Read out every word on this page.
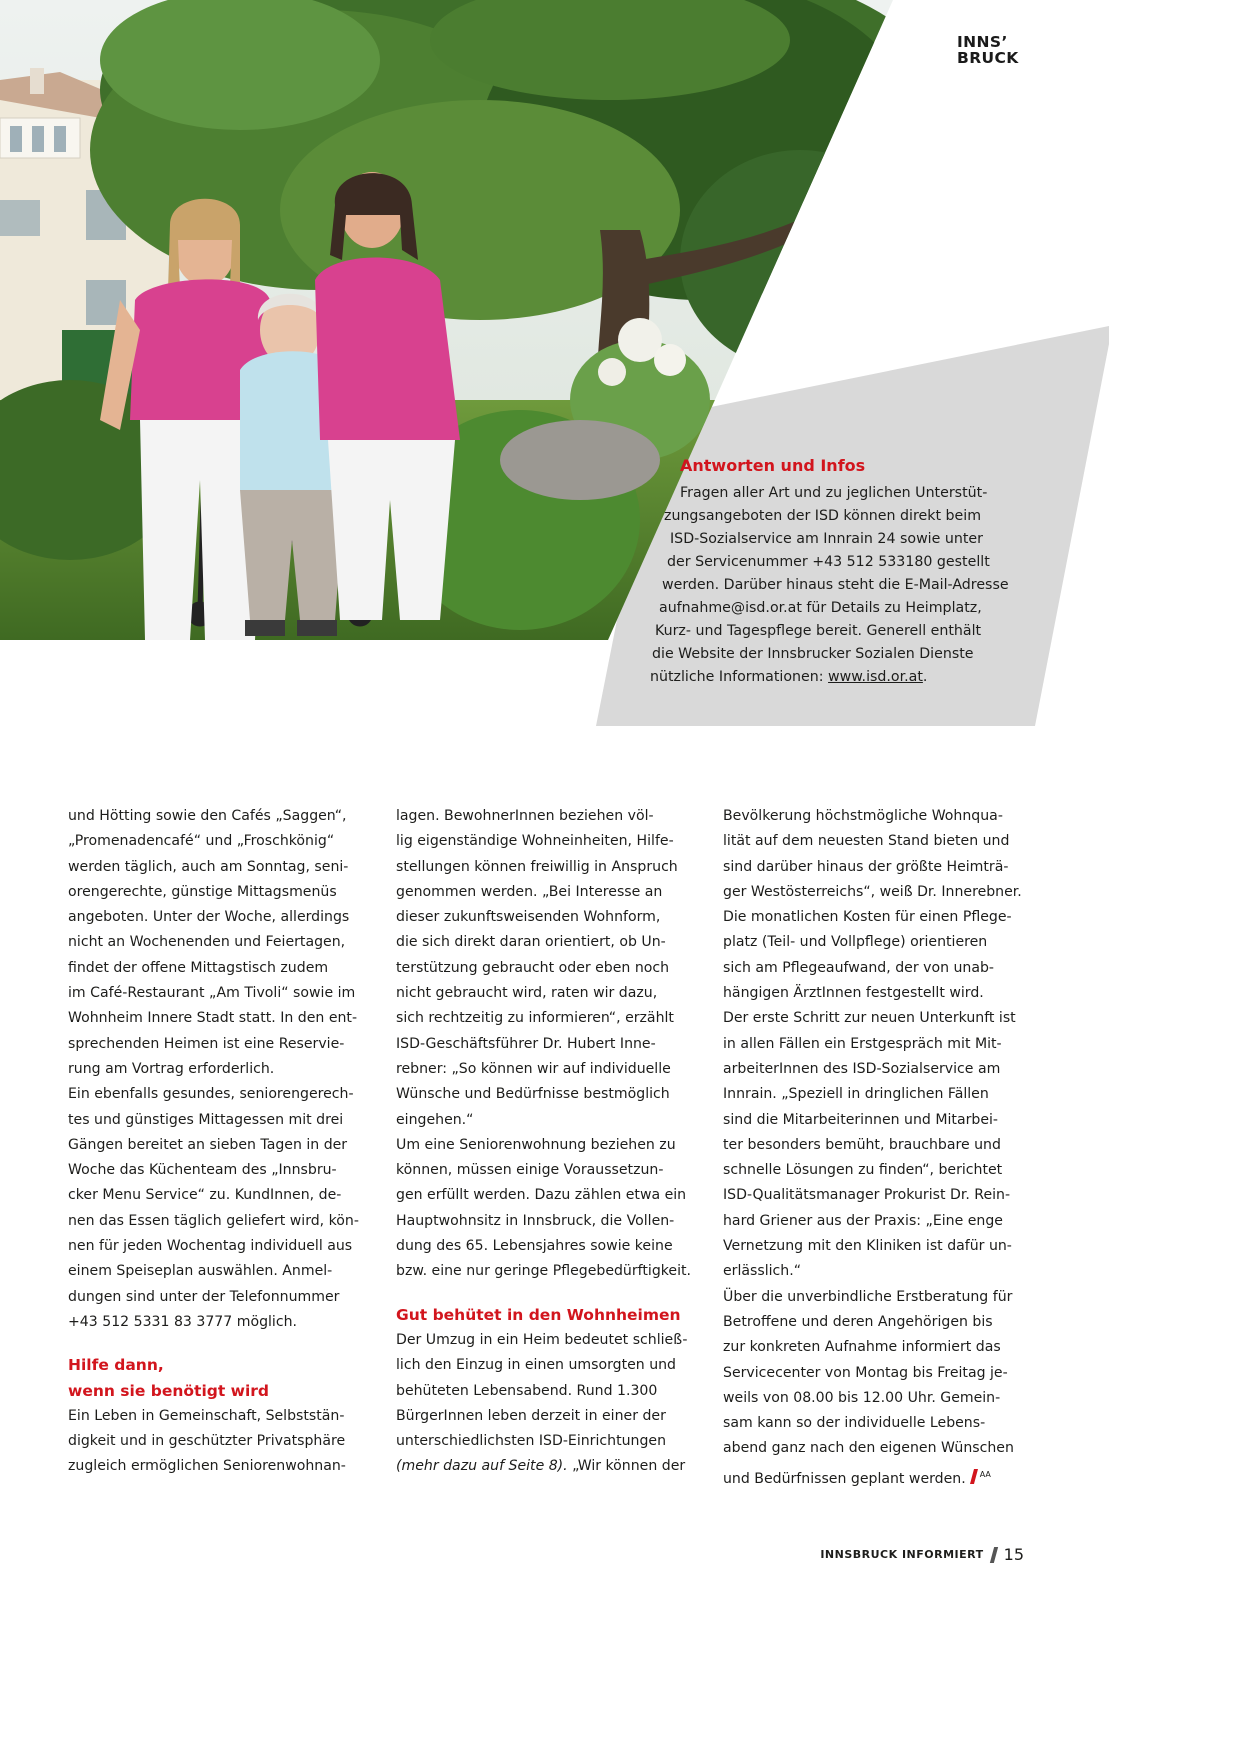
INNS’
BRUCK
Antworten und Infos
Fragen aller Art und zu jeglichen Unterstüt-
zungsangeboten der ISD können direkt beim
ISD-Sozialservice am Innrain 24 sowie unter
der Servicenummer +43 512 533180 gestellt
werden. Darüber hinaus steht die E-Mail-Adresse
aufnahme@isd.or.at für Details zu Heimplatz,
Kurz- und Tagespflege bereit. Generell enthält
die Website der Innsbrucker Sozialen Dienste
nützliche Informationen: www.isd.or.at.
und Hötting sowie den Cafés „Saggen“,
„Promenadencafé“ und „Froschkönig“
werden täglich, auch am Sonntag, seni-
orengerechte, günstige Mittagsmenüs
angeboten. Unter der Woche, allerdings
nicht an Wochenenden und Feiertagen,
findet der offene Mittagstisch zudem
im Café-Restaurant „Am Tivoli“ sowie im
Wohnheim Innere Stadt statt. In den ent-
sprechenden Heimen ist eine Reservie-
rung am Vortrag erforderlich.
Ein ebenfalls gesundes, seniorengerech-
tes und günstiges Mittagessen mit drei
Gängen bereitet an sieben Tagen in der
Woche das Küchenteam des „Innsbru-
cker Menu Service“ zu. KundInnen, de-
nen das Essen täglich geliefert wird, kön-
nen für jeden Wochentag individuell aus
einem Speiseplan auswählen. Anmel-
dungen sind unter der Telefonnummer
+43 512 5331 83 3777 möglich.
Hilfe dann,
wenn sie benötigt wird
Ein Leben in Gemeinschaft, Selbststän-
digkeit und in geschützter Privatsphäre
zugleich ermöglichen Seniorenwohnan-
lagen. BewohnerInnen beziehen völ-
lig eigenständige Wohneinheiten, Hilfe-
stellungen können freiwillig in Anspruch
genommen werden. „Bei Interesse an
dieser zukunftsweisenden Wohnform,
die sich direkt daran orientiert, ob Un-
terstützung gebraucht oder eben noch
nicht gebraucht wird, raten wir dazu,
sich rechtzeitig zu informieren“, erzählt
ISD-Geschäftsführer Dr. Hubert Inne-
rebner: „So können wir auf individuelle
Wünsche und Bedürfnisse bestmöglich
eingehen.“
Um eine Seniorenwohnung beziehen zu
können, müssen einige Voraussetzun-
gen erfüllt werden. Dazu zählen etwa ein
Hauptwohnsitz in Innsbruck, die Vollen-
dung des 65. Lebensjahres sowie keine
bzw. eine nur geringe Pflegebedürftigkeit.
Gut behütet in den Wohnheimen
Der Umzug in ein Heim bedeutet schließ-
lich den Einzug in einen umsorgten und
behüteten Lebensabend. Rund 1.300
BürgerInnen leben derzeit in einer der
unterschiedlichsten ISD-Einrichtungen
(mehr dazu auf Seite 8). „Wir können der
Bevölkerung höchstmögliche Wohnqua-
lität auf dem neuesten Stand bieten und
sind darüber hinaus der größte Heimträ-
ger Westösterreichs“, weiß Dr. Innerebner.
Die monatlichen Kosten für einen Pflege-
platz (Teil- und Vollpflege) orientieren
sich am Pflegeaufwand, der von unab-
hängigen ÄrztInnen festgestellt wird.
Der erste Schritt zur neuen Unterkunft ist
in allen Fällen ein Erstgespräch mit Mit-
arbeiterInnen des ISD-Sozialservice am
Innrain. „Speziell in dringlichen Fällen
sind die Mitarbeiterinnen und Mitarbei-
ter besonders bemüht, brauchbare und
schnelle Lösungen zu finden“, berichtet
ISD-Qualitätsmanager Prokurist Dr. Rein-
hard Griener aus der Praxis: „Eine enge
Vernetzung mit den Kliniken ist dafür un-
erlässlich.“
Über die unverbindliche Erstberatung für
Betroffene und deren Angehörigen bis
zur konkreten Aufnahme informiert das
Servicecenter von Montag bis Freitag je-
weils von 08.00 bis 12.00 Uhr. Gemein-
sam kann so der individuelle Lebens-
abend ganz nach den eigenen Wünschen
und Bedürfnissen geplant werden. $^{AA}$
INNSBRUCK INFORMIERT 15
